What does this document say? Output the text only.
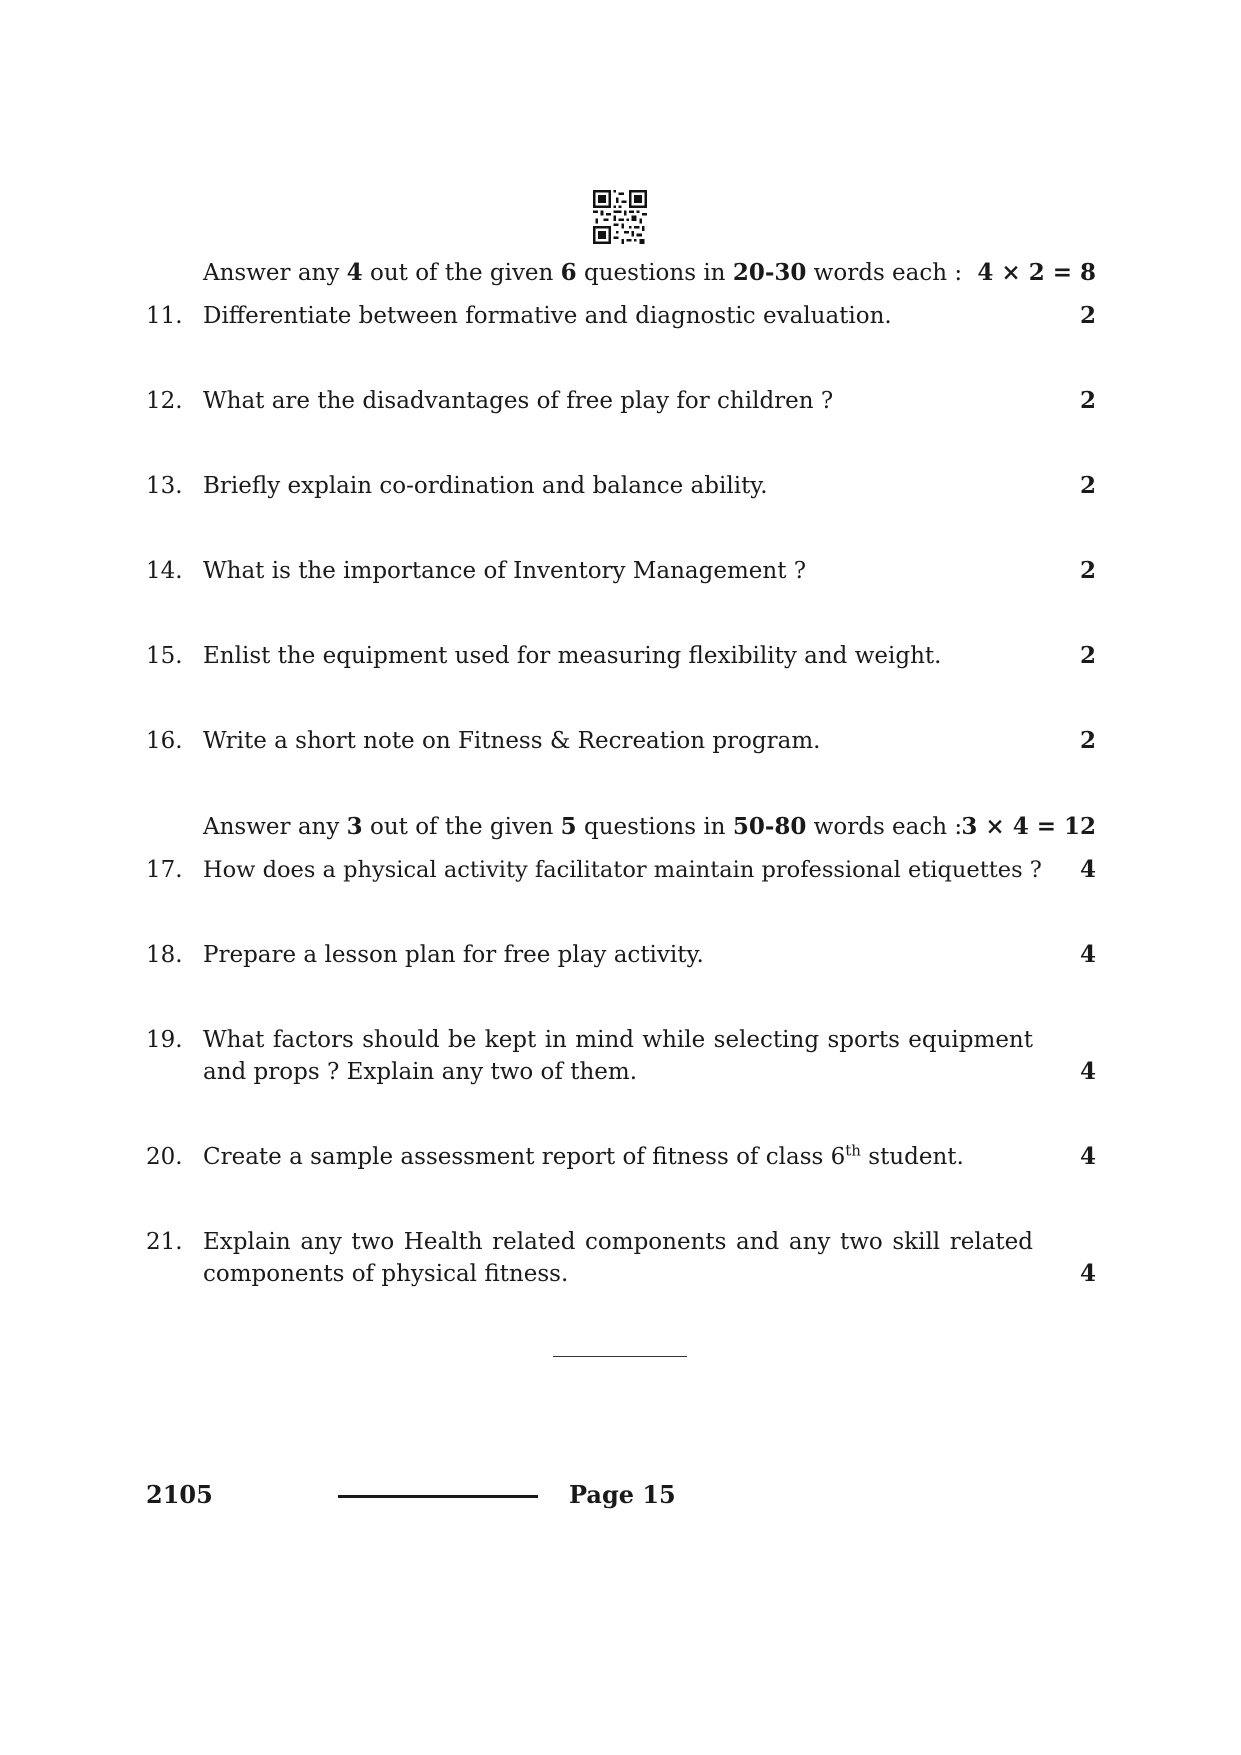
Answer any 4 out of the given 6 questions in 20-30 words each : 4 × 2 = 8
11. Differentiate between formative and diagnostic evaluation.	2
12. What are the disadvantages of free play for children ?	2
13. Briefly explain co-ordination and balance ability.	2
14. What is the importance of Inventory Management ?	2
15. Enlist the equipment used for measuring flexibility and weight.	2
16. Write a short note on Fitness & Recreation program.	2
Answer any 3 out of the given 5 questions in 50-80 words each : 3 × 4 = 12
17. How does a physical activity facilitator maintain professional etiquettes ? 4
18. Prepare a lesson plan for free play activity.	4
19. What factors should be kept in mind while selecting sports equipment and props ? Explain any two of them.	4
20. Create a sample assessment report of fitness of class 6th student.	4
21. Explain any two Health related components and any two skill related components of physical fitness.	4
2105	Page 15
